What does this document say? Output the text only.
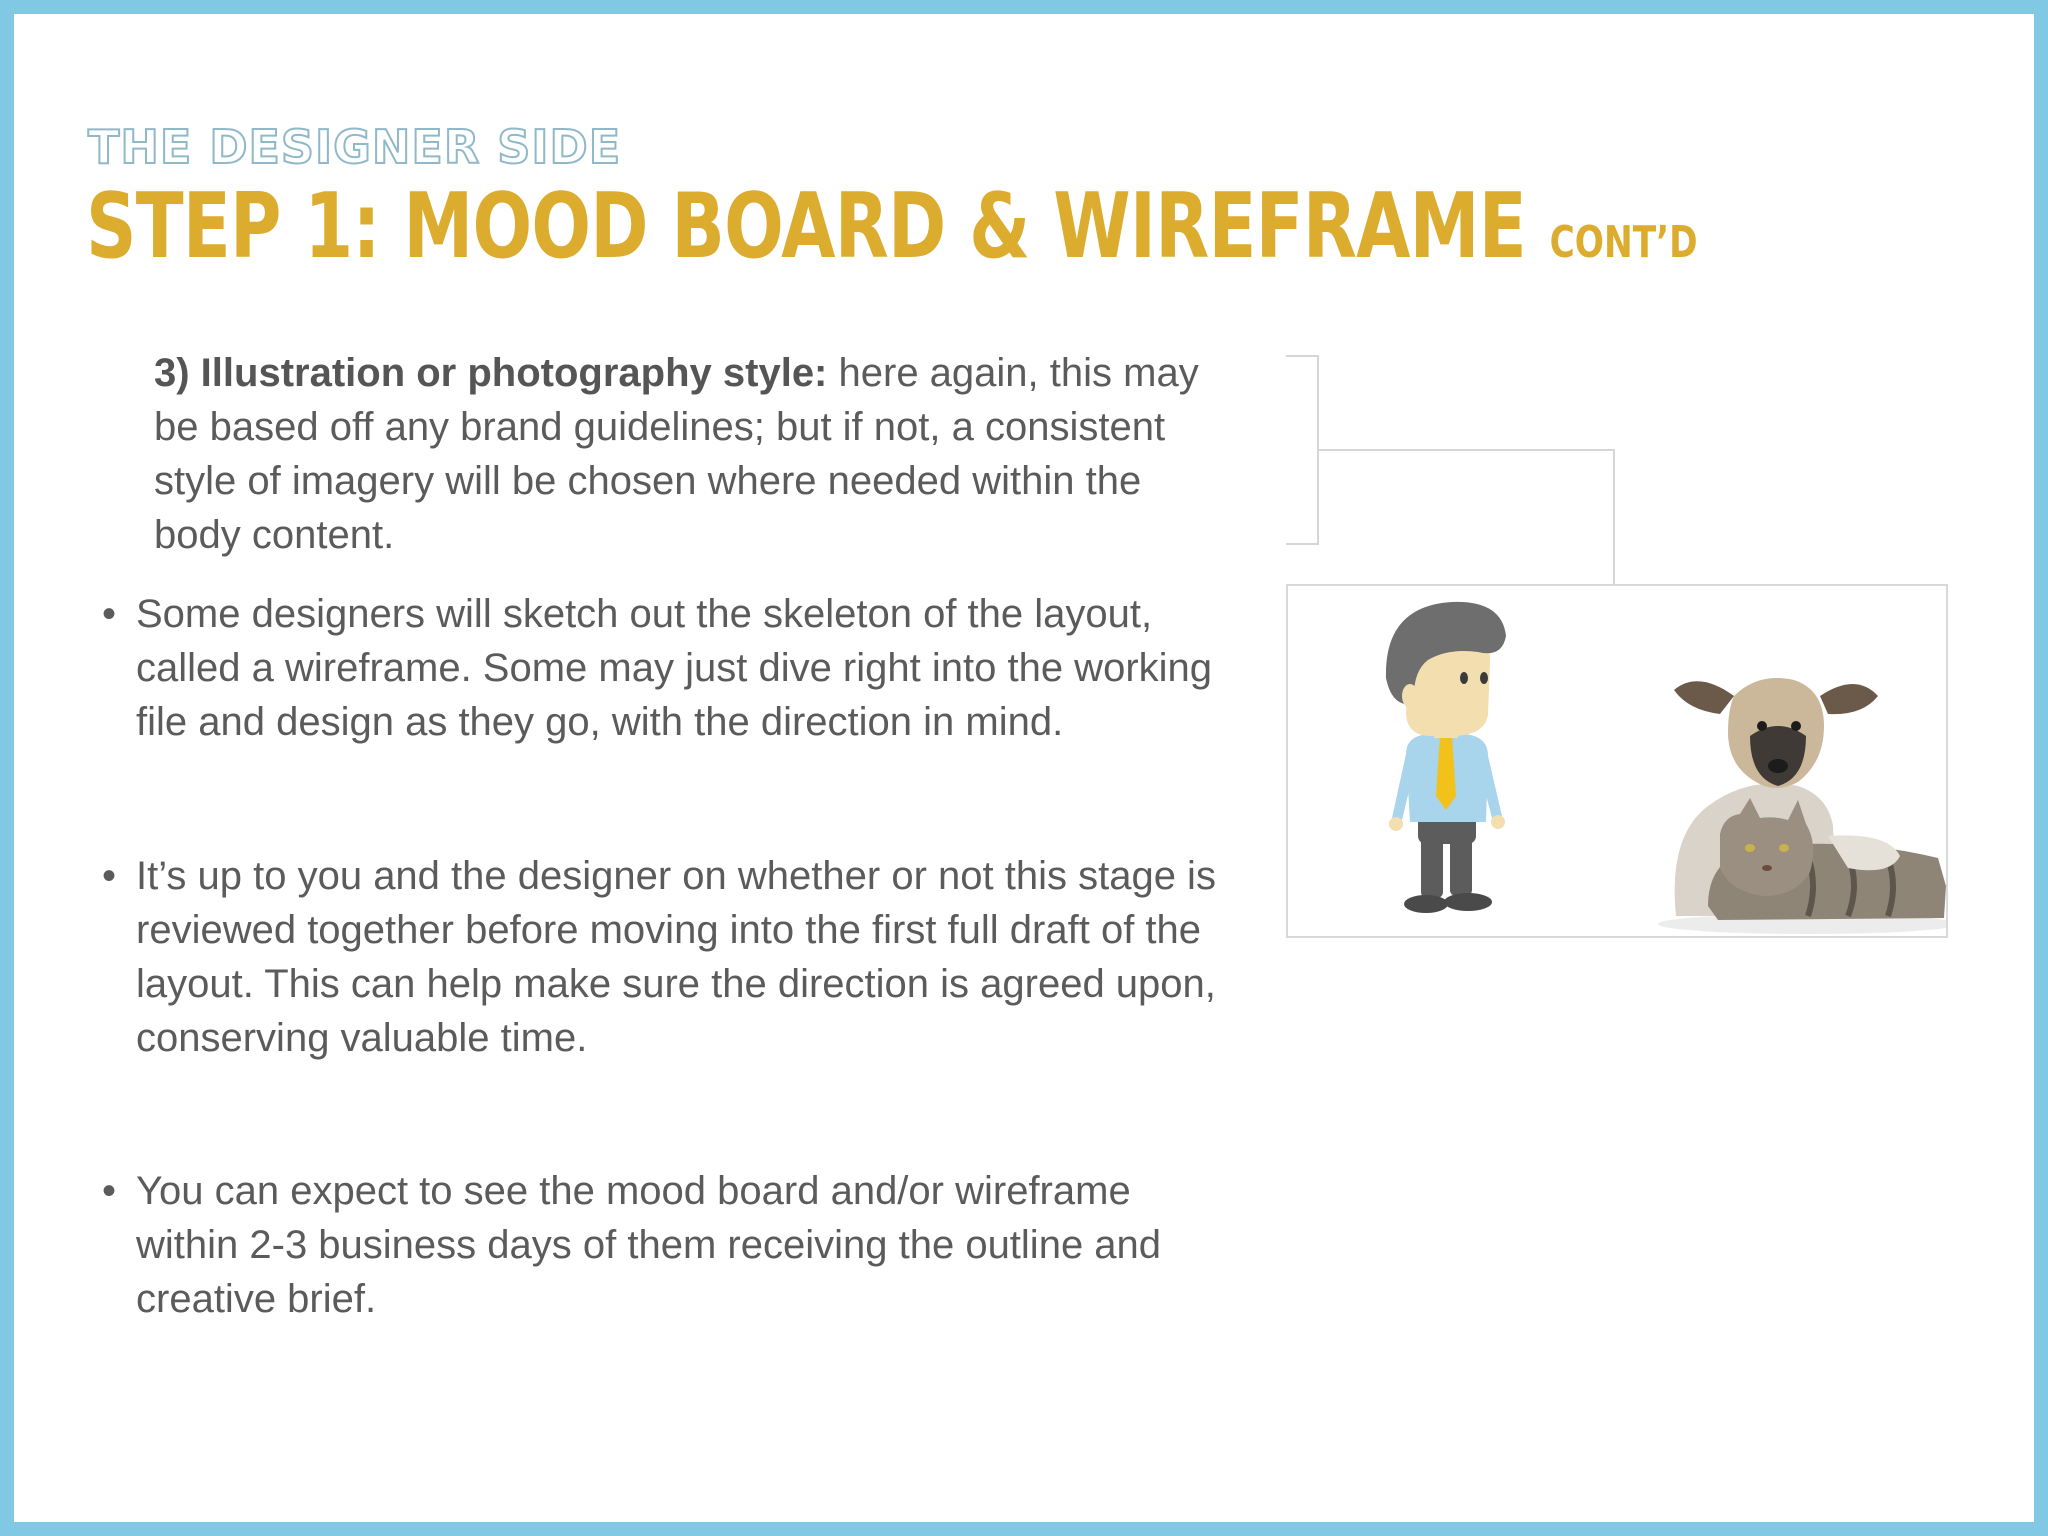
THE DESIGNER SIDE
STEP 1: MOOD BOARD & WIREFRAME CONT’D
3) Illustration or photography style: here again, this may be based off any brand guidelines; but if not, a consistent style of imagery will be chosen where needed within the body content.
• Some designers will sketch out the skeleton of the layout, called a wireframe. Some may just dive right into the working file and design as they go, with the direction in mind.
• It’s up to you and the designer on whether or not this stage is reviewed together before moving into the first full draft of the layout. This can help make sure the direction is agreed upon, conserving valuable time.
• You can expect to see the mood board and/or wireframe within 2-3 business days of them receiving the outline and creative brief.
